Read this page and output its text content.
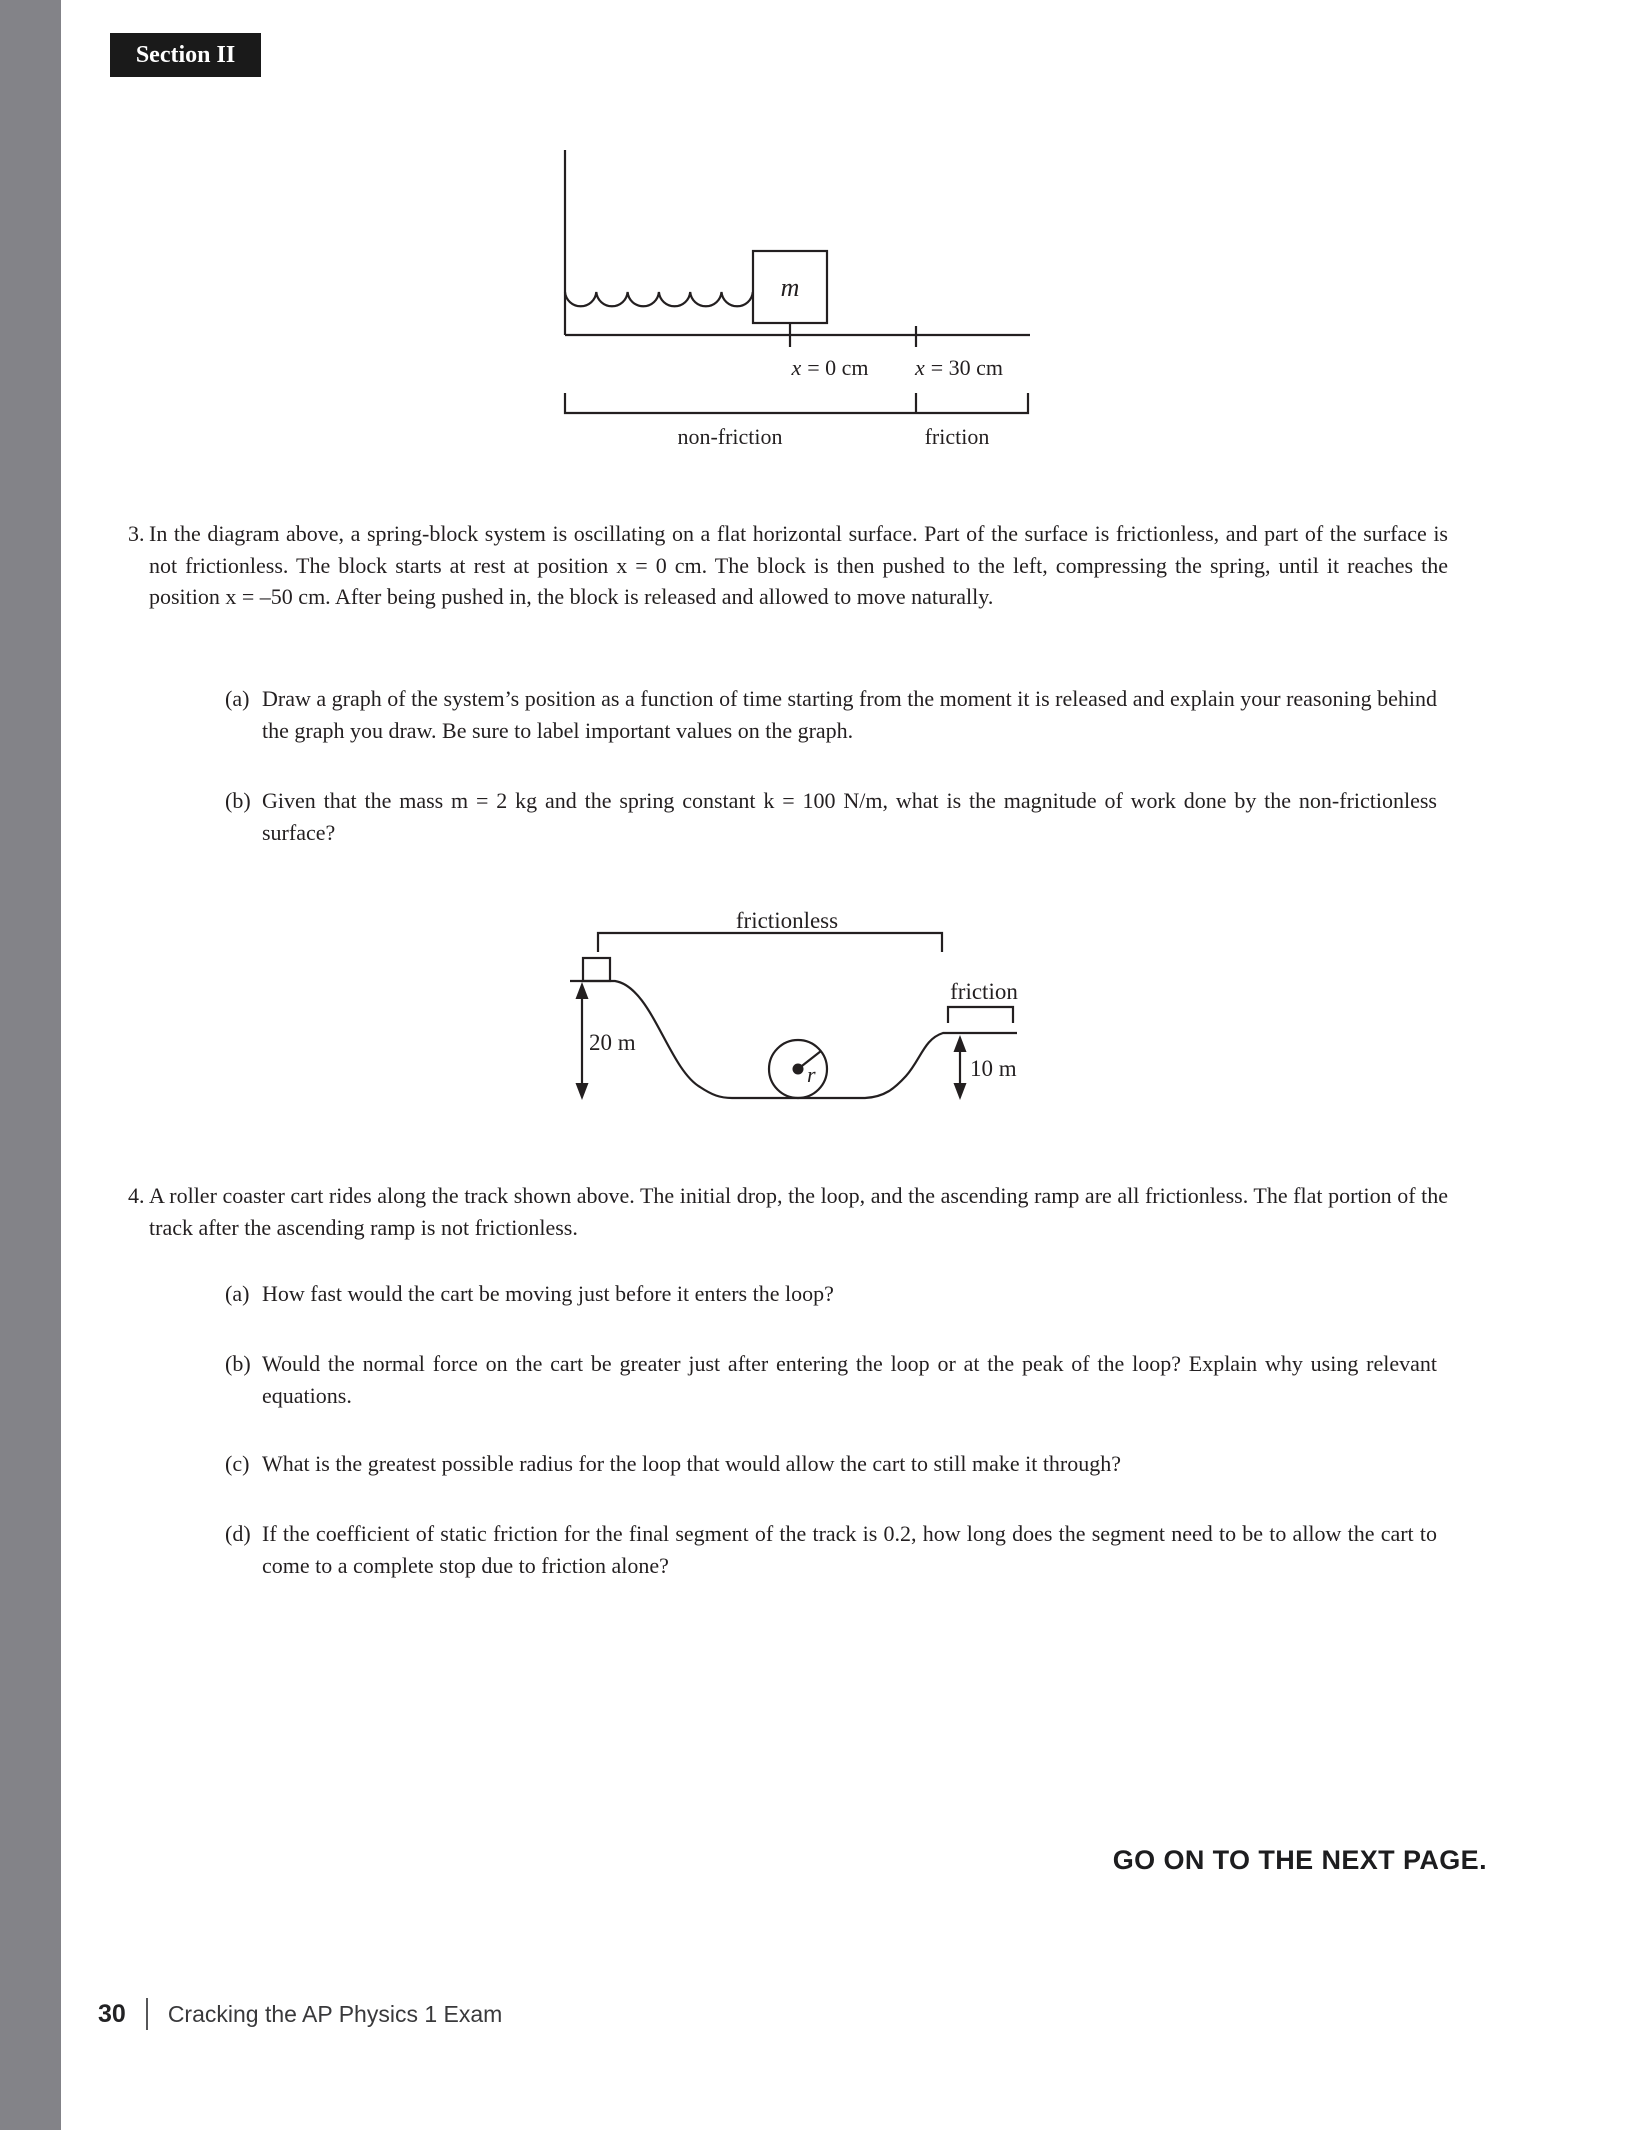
Section II
m
x = 0 cm x = 30 cm
non-friction	friction
3. In the diagram above, a spring-block system is oscillating on a flat horizontal surface. Part of the surface is frictionless, and part of the surface is not frictionless. The block starts at rest at position x = 0 cm. The block is then pushed to the left, compressing the spring, until it reaches the position x = –50 cm. After being pushed in, the block is released and allowed to move naturally.
(a) Draw a graph of the system’s position as a function of time starting from the moment it is released and explain your reasoning behind the graph you draw. Be sure to label important values on the graph.
(b) Given that the mass m = 2 kg and the spring constant k = 100 N/m, what is the magnitude of work done by the non-frictionless surface?
frictionless
r
friction
20 m
10 m
4. A roller coaster cart rides along the track shown above. The initial drop, the loop, and the ascending ramp are all frictionless. The flat portion of the track after the ascending ramp is not frictionless.
(a) How fast would the cart be moving just before it enters the loop?
(b) Would the normal force on the cart be greater just after entering the loop or at the peak of the loop? Explain why using relevant equations.
(c) What is the greatest possible radius for the loop that would allow the cart to still make it through?
(d) If the coefficient of static friction for the final segment of the track is 0.2, how long does the segment need to be to allow the cart to come to a complete stop due to friction alone?
GO ON TO THE NEXT PAGE.
30 Cracking the AP Physics 1 Exam
